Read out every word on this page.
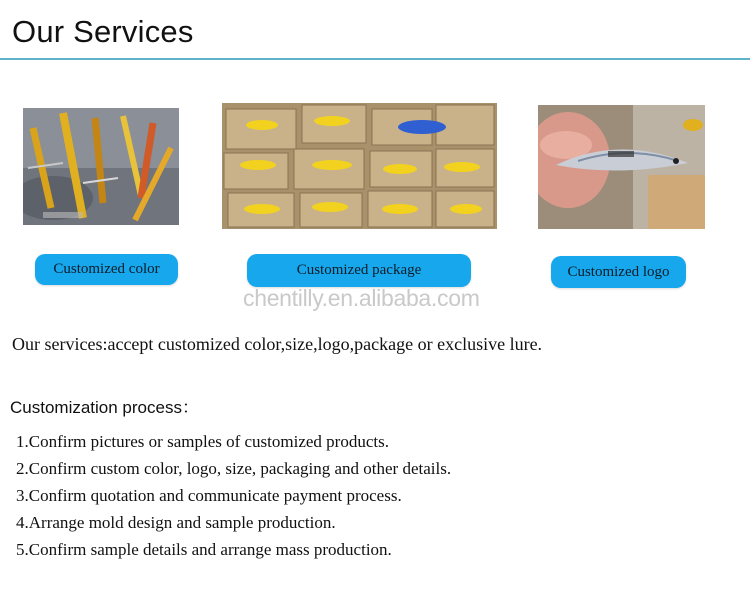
Our Services
Customized color	Customized package	Customized logo
chentilly.en.alibaba.com
Our services:accept customized color,size,logo,package or exclusive lure.
Customization process：
1.Confirm pictures or samples of customized products.
2.Confirm custom color, logo, size, packaging and other details.
3.Confirm quotation and communicate payment process.
4.Arrange mold design and sample production.
5.Confirm sample details and arrange mass production.
